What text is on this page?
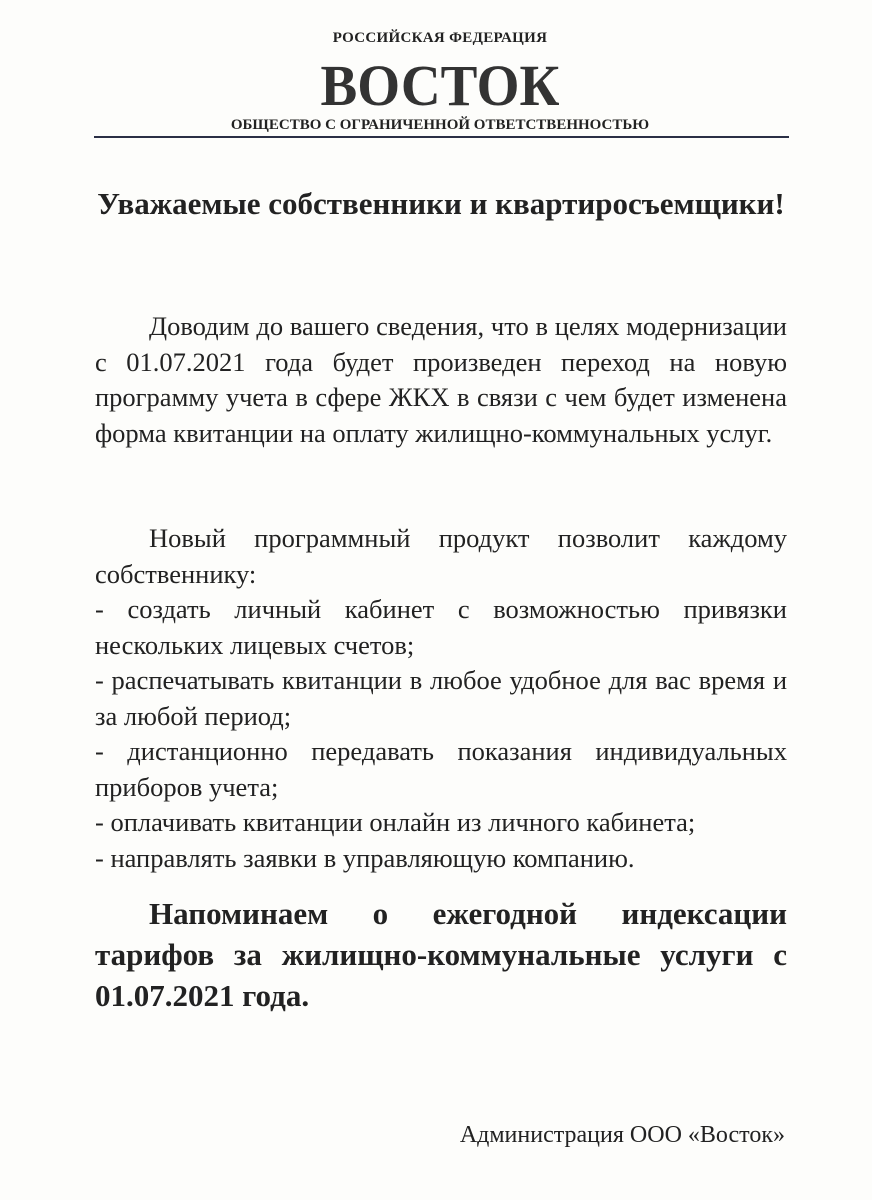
РОССИЙСКАЯ ФЕДЕРАЦИЯ
ВОСТОК
ОБЩЕСТВО С ОГРАНИЧЕННОЙ ОТВЕТСТВЕННОСТЬЮ
Уважаемые собственники и квартиросъемщики!

Доводим до вашего сведения, что в целях модернизации с 01.07.2021 года будет произведен переход на новую программу учета в сфере ЖКХ в связи с чем будет изменена форма квитанции на оплату жилищно-коммунальных услуг.

Новый программный продукт позволит каждому собственнику:

- создать личный кабинет с возможностью привязки нескольких лицевых счетов;

- распечатывать квитанции в любое удобное для вас время и за любой период;

- дистанционно передавать показания индивидуальных приборов учета;

- оплачивать квитанции онлайн из личного кабинета;

- направлять заявки в управляющую компанию.

Напоминаем о ежегодной индексации тарифов за жилищно-коммунальные услуги с 01.07.2021 года.
Администрация ООО «Восток»
